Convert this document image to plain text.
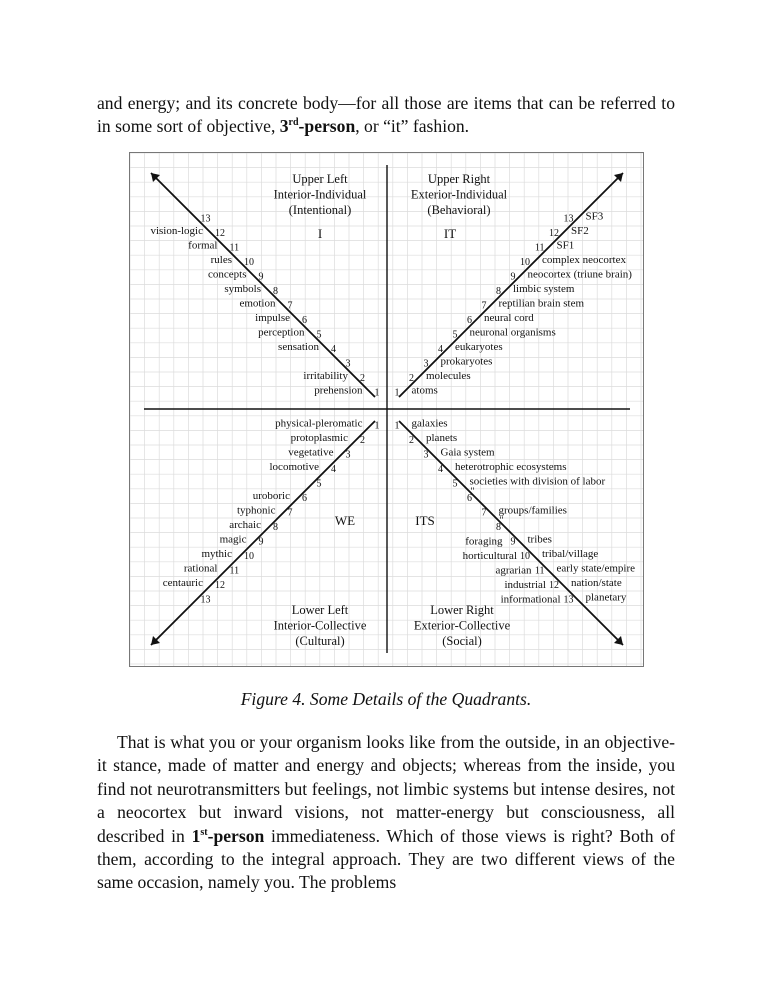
and energy; and its concrete body—for all those are items that can be referred to in some sort of objective, 3rd-person, or “it” fashion.

Upper Left
Interior-Individual
(Intentional)
Upper Right
Exterior-Individual
(Behavioral)
Lower Left
Interior-Collective
(Cultural)
Lower Right
Exterior-Collective
(Social)
I	IT
WE	ITS
1
prehension	1 atoms
1
physical-pleromatic	1 galaxies
2
irritability	2 molecules
2
protoplasmic	2 planets
3	3 prokaryotes
3
vegetative	3 Gaia system
4
sensation	4 eukaryotes
4
locomotive	4 heterotrophic ecosystems
5
perception	5 neuronal organisms
5	5 societies with division of labor
6
impulse	6 neural cord
6
uroboric	6
7
emotion	7 reptilian brain stem
7
typhonic	7 groups/families
8
symbols	8 limbic system
8
archaic	8
9
concepts	9 neocortex (triune brain)
9
magic	9 tribes
foraging
10
rules	10 complex neocortex
10
mythic	10 tribal/village
horticultural
11
formal	11 SF1
11
rational	11 early state/empire
agrarian
12
vision-logic	12 SF2
12
centauric	12 nation/state
industrial
13	13 SF3
13	13 planetary
informational
"
"
Figure 4. Some Details of the Quadrants.

That is what you or your organism looks like from the outside, in an objective-it stance, made of matter and energy and objects; whereas from the inside, you find not neurotransmitters but feelings, not limbic systems but intense desires, not a neocortex but inward visions, not matter-energy but consciousness, all described in 1st-person immediateness. Which of those views is right? Both of them, according to the integral approach. They are two different views of the same occasion, namely you. The problems
